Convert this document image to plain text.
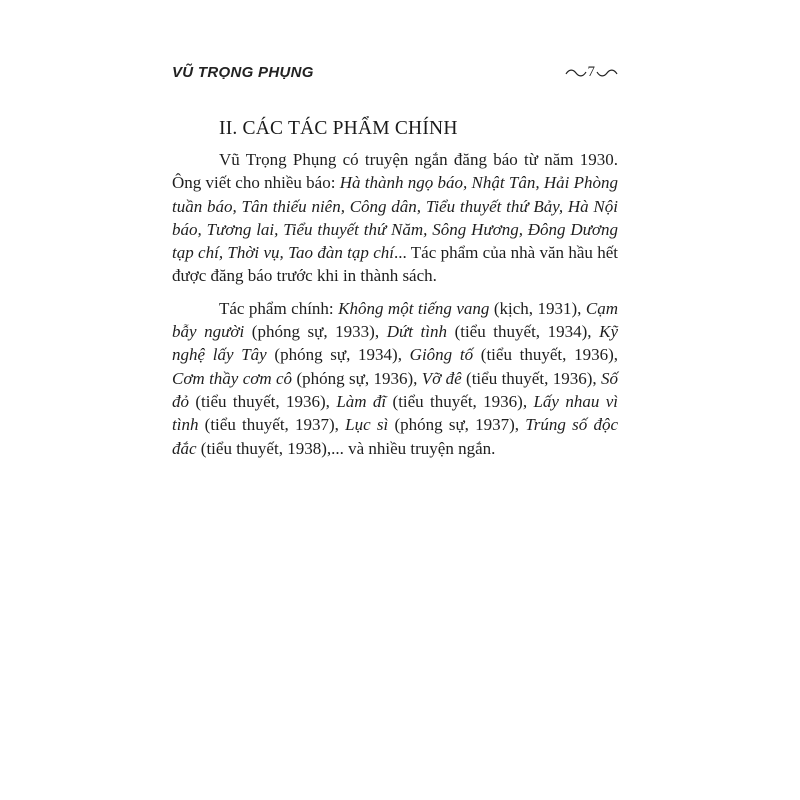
VŨ TRỌNG PHỤNG	7
II. CÁC TÁC PHẨM CHÍNH

Vũ Trọng Phụng có truyện ngắn đăng báo từ năm 1930. Ông viết cho nhiều báo: Hà thành ngọ báo, Nhật Tân, Hải Phòng tuần báo, Tân thiếu niên, Công dân, Tiểu thuyết thứ Bảy, Hà Nội báo, Tương lai, Tiểu thuyết thứ Năm, Sông Hương, Đông Dương tạp chí, Thời vụ, Tao đàn tạp chí... Tác phẩm của nhà văn hầu hết được đăng báo trước khi in thành sách.

Tác phẩm chính: Không một tiếng vang (kịch, 1931), Cạm bẫy người (phóng sự, 1933), Dứt tình (tiểu thuyết, 1934), Kỹ nghệ lấy Tây (phóng sự, 1934), Giông tố (tiểu thuyết, 1936), Cơm thầy cơm cô (phóng sự, 1936), Vỡ đê (tiểu thuyết, 1936), Số đỏ (tiểu thuyết, 1936), Làm đĩ (tiểu thuyết, 1936), Lấy nhau vì tình (tiểu thuyết, 1937), Lục sì (phóng sự, 1937), Trúng số độc đắc (tiểu thuyết, 1938),... và nhiều truyện ngắn.
